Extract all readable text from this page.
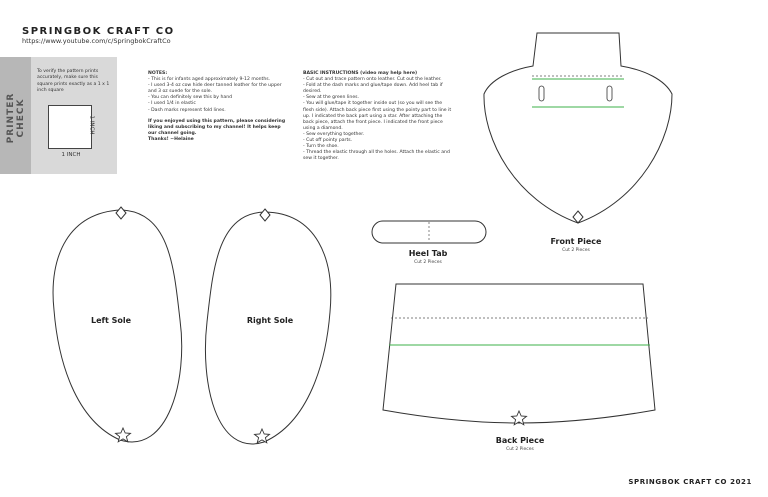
SPRINGBOK CRAFT CO
https://www.youtube.com/c/SpringbokCraftCo
PRINTER CHECK
To verify the pattern prints accurately, make sure this square prints exactly as a 1 x 1 inch square
1 INCH
1 INCH
NOTES:
- This is for infants aged approximately 9-12 months.
- I used 3-4 oz cow hide deer tanned leather for the upper and 3 oz suede for the sole.
- You can definitely sew this by hand
- I used 1/4 in elastic
- Dash marks represent fold lines.
If you enjoyed using this pattern, please considering liking and subscribing to my channel! It helps keep our channel going.
Thanks! ~Helaine
BASIC INSTRUCTIONS (video may help here)
- Cut out and trace pattern onto leather. Cut out the leather.
- Fold at the dash marks and glue/tape down. Add heel tab if desired.
- Sew at the green lines.
- You will glue/tape it together inside out (so you will see the flesh side). Attach back piece first using the pointy part to line it up. I indicated the back part using a star. After attaching the back piece, attach the front piece. I indicated the front piece using a diamond.
- Sew everything together.
- Cut off pointy parts.
- Turn the shoe.
- Thread the elastic through all the holes. Attach the elastic and sew it together.
Left Sole	Right Sole
Heel Tab
Cut 2 Pieces
Front Piece
Cut 2 Pieces
Back Piece
Cut 2 Pieces
SPRINGBOK CRAFT CO 2021
